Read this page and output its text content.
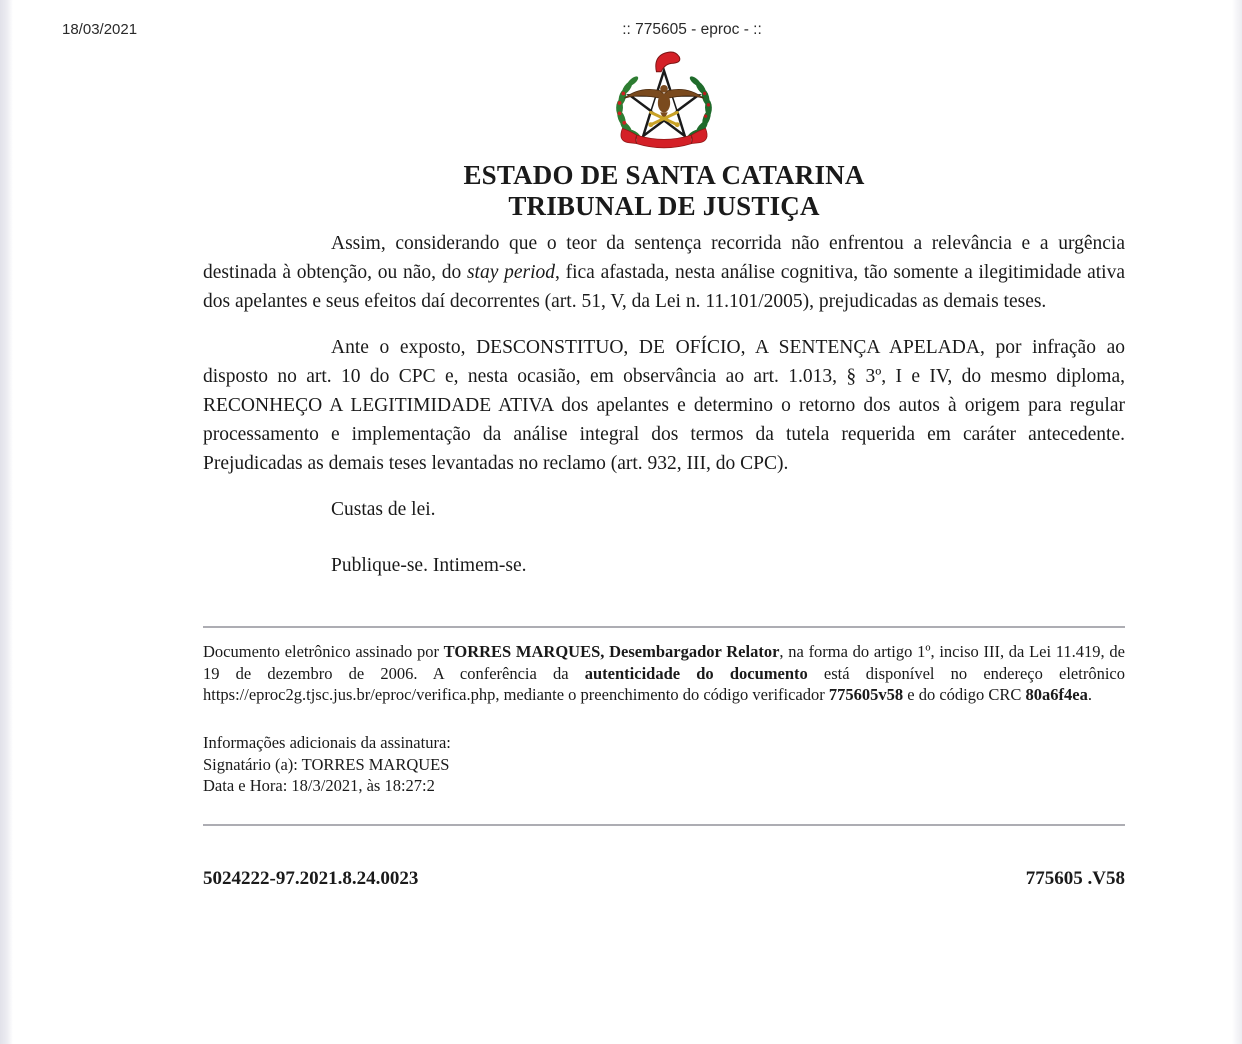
18/03/2021	:: 775605 - eproc - ::
ESTADO DE SANTA CATARINA
TRIBUNAL DE JUSTIÇA

Assim, considerando que o teor da sentença recorrida não enfrentou a relevância e a urgência destinada à obtenção, ou não, do stay period, fica afastada, nesta análise cognitiva, tão somente a ilegitimidade ativa dos apelantes e seus efeitos daí decorrentes (art. 51, V, da Lei n. 11.101/2005), prejudicadas as demais teses.

Ante o exposto, DESCONSTITUO, DE OFÍCIO, A SENTENÇA APELADA, por infração ao disposto no art. 10 do CPC e, nesta ocasião, em observância ao art. 1.013, § 3º, I e IV, do mesmo diploma, RECONHEÇO A LEGITIMIDADE ATIVA dos apelantes e determino o retorno dos autos à origem para regular processamento e implementação da análise integral dos termos da tutela requerida em caráter antecedente. Prejudicadas as demais teses levantadas no reclamo (art. 932, III, do CPC).

Custas de lei.

Publique-se. Intimem-se.

Documento eletrônico assinado por TORRES MARQUES, Desembargador Relator, na forma do artigo 1º, inciso III, da Lei 11.419, de 19 de dezembro de 2006. A conferência da autenticidade do documento está disponível no endereço eletrônico https://eproc2g.tjsc.jus.br/eproc/verifica.php, mediante o preenchimento do código verificador 775605v58 e do código CRC 80a6f4ea.
Informações adicionais da assinatura:
Signatário (a): TORRES MARQUES
Data e Hora: 18/3/2021, às 18:27:2
5024222-97.2021.8.24.0023	775605 .V58
